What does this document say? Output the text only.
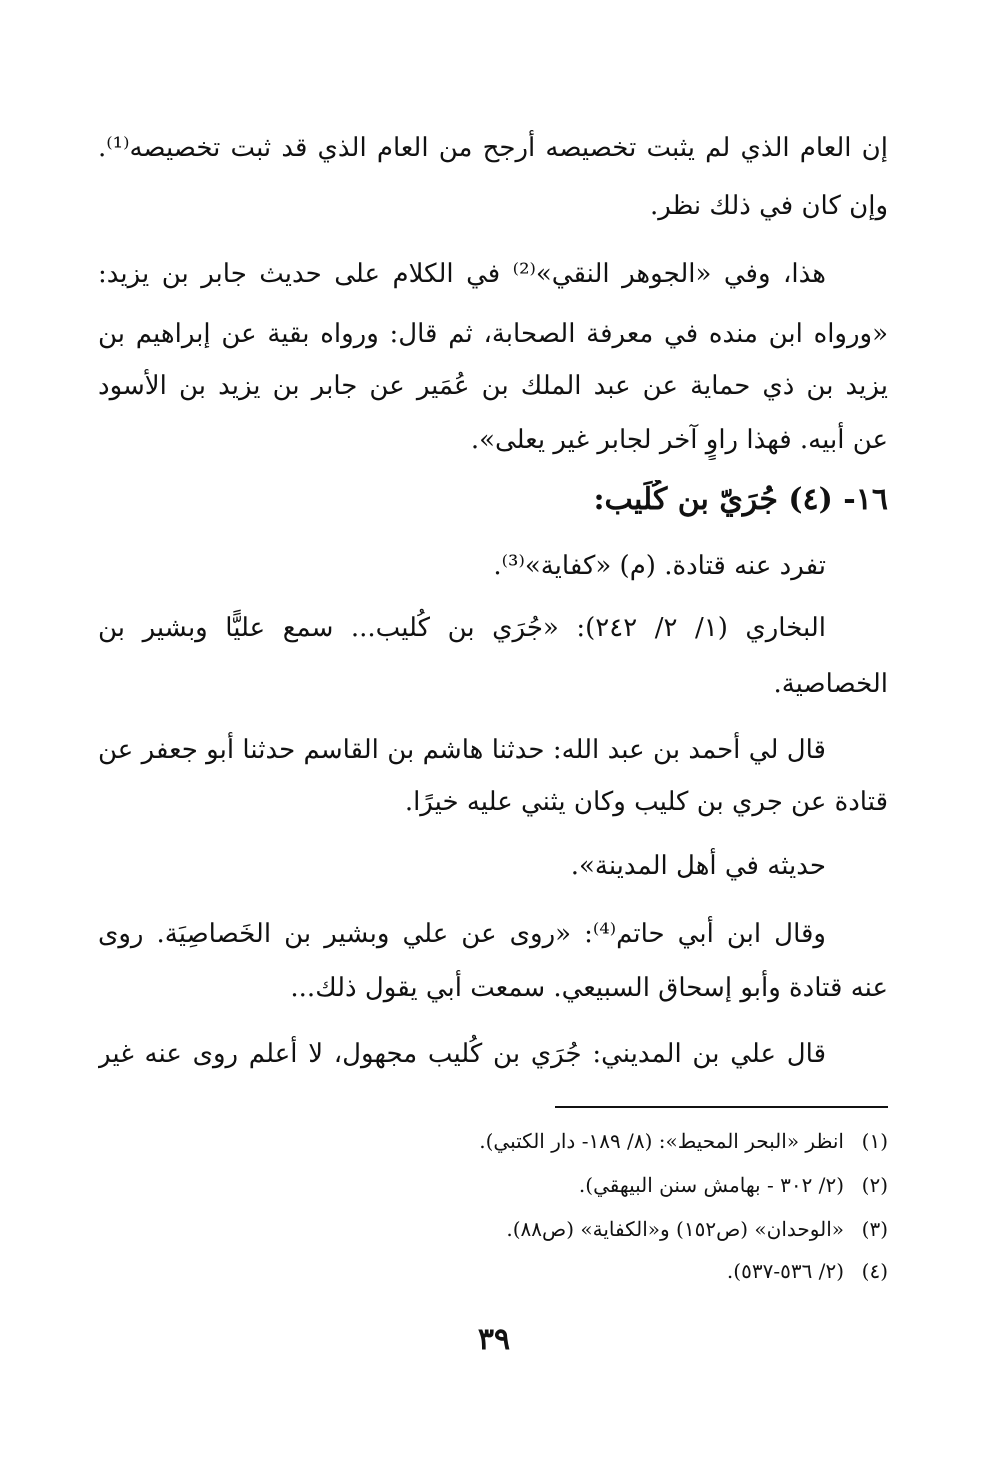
إن العام الذي لم يثبت تخصيصه أرجح من العام الذي قد ثبت تخصيصه⁽¹⁾.
وإن كان في ذلك نظر.
هذا، وفي «الجوهر النقي»⁽²⁾ في الكلام على حديث جابر بن يزيد:
«ورواه ابن منده في معرفة الصحابة، ثم قال: ورواه بقية عن إبراهيم بن
يزيد بن ذي حماية عن عبد الملك بن عُمَير عن جابر بن يزيد بن الأسود
عن أبيه. فهذا راوٍ آخر لجابر غير يعلى».
١٦- (٤) جُرَيّ بن كُلَيب:
تفرد عنه قتادة. (م) «كفاية»⁽³⁾.
البخاري (١/ ٢/ ٢٤٢): «جُرَي بن كُليب... سمع عليًّا وبشير بن
الخصاصية.
قال لي أحمد بن عبد الله: حدثنا هاشم بن القاسم حدثنا أبو جعفر عن
قتادة عن جري بن كليب وكان يثني عليه خيرًا.
حديثه في أهل المدينة».
وقال ابن أبي حاتم⁽⁴⁾: «روى عن علي وبشير بن الخَصاصِيَة. روى
عنه قتادة وأبو إسحاق السبيعي. سمعت أبي يقول ذلك...
قال علي بن المديني: جُرَي بن كُليب مجهول، لا أعلم روى عنه غير
(١)انظر «البحر المحيط»: (٨/ ١٨٩- دار الكتبي).
(٢)(٢/ ٣٠٢ - بهامش سنن البيهقي).
(٣)«الوحدان» (ص١٥٢) و«الكفاية» (ص٨٨).
(٤)(٢/ ٥٣٦-٥٣٧).
٣٩
